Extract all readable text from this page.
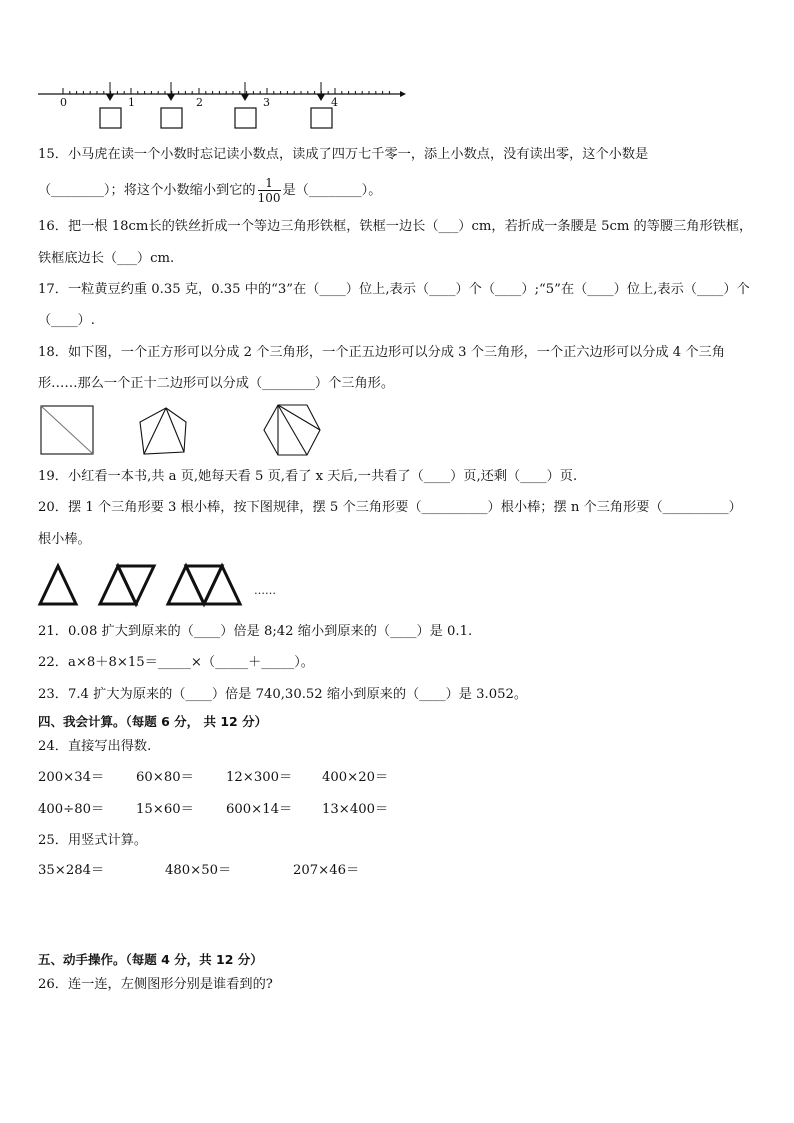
0	1	2	3	4
15．小马虎在读一个小数时忘记读小数点，读成了四万七千零一，添上小数点，没有读出零，这个小数是
（________）；将这个小数缩小到它的 $\frac{1}{100}$ 是（________）。
16．把一根 18cm长的铁丝折成一个等边三角形铁框，铁框一边长（___）cm，若折成一条腰是 5cm 的等腰三角形铁框，
铁框底边长（___）cm.
17．一粒黄豆约重 0.35 克，0.35 中的“3”在（____）位上,表示（____）个（____）;“5”在（____）位上,表示（____）个
（____）.
18．如下图，一个正方形可以分成 2 个三角形，一个正五边形可以分成 3 个三角形，一个正六边形可以分成 4 个三角
形……那么一个正十二边形可以分成（________）个三角形。
19．小红看一本书,共 a 页,她每天看 5 页,看了 x 天后,一共看了（____）页,还剩（____）页.
20．摆 1 个三角形要 3 根小棒，按下图规律，摆 5 个三角形要（__________）根小棒；摆 n 个三角形要（__________）
根小棒。
……
21．0.08 扩大到原来的（____）倍是 8;42 缩小到原来的（____）是 0.1.
22．a×8＋8×15＝_____×（_____＋_____）。
23．7.4 扩大为原来的（____）倍是 740,30.52 缩小到原来的（____）是 3.052。
四、我会计算。（每题 6 分， 共 12 分）
24．直接写出得数.
200×34＝ 60×80＝ 12×300＝ 400×20＝
400÷80＝ 15×60＝ 600×14＝ 13×400＝
25．用竖式计算。
35×284＝	480×50＝	207×46＝
五、动手操作。（每题 4 分，共 12 分）
26．连一连，左侧图形分别是谁看到的?
